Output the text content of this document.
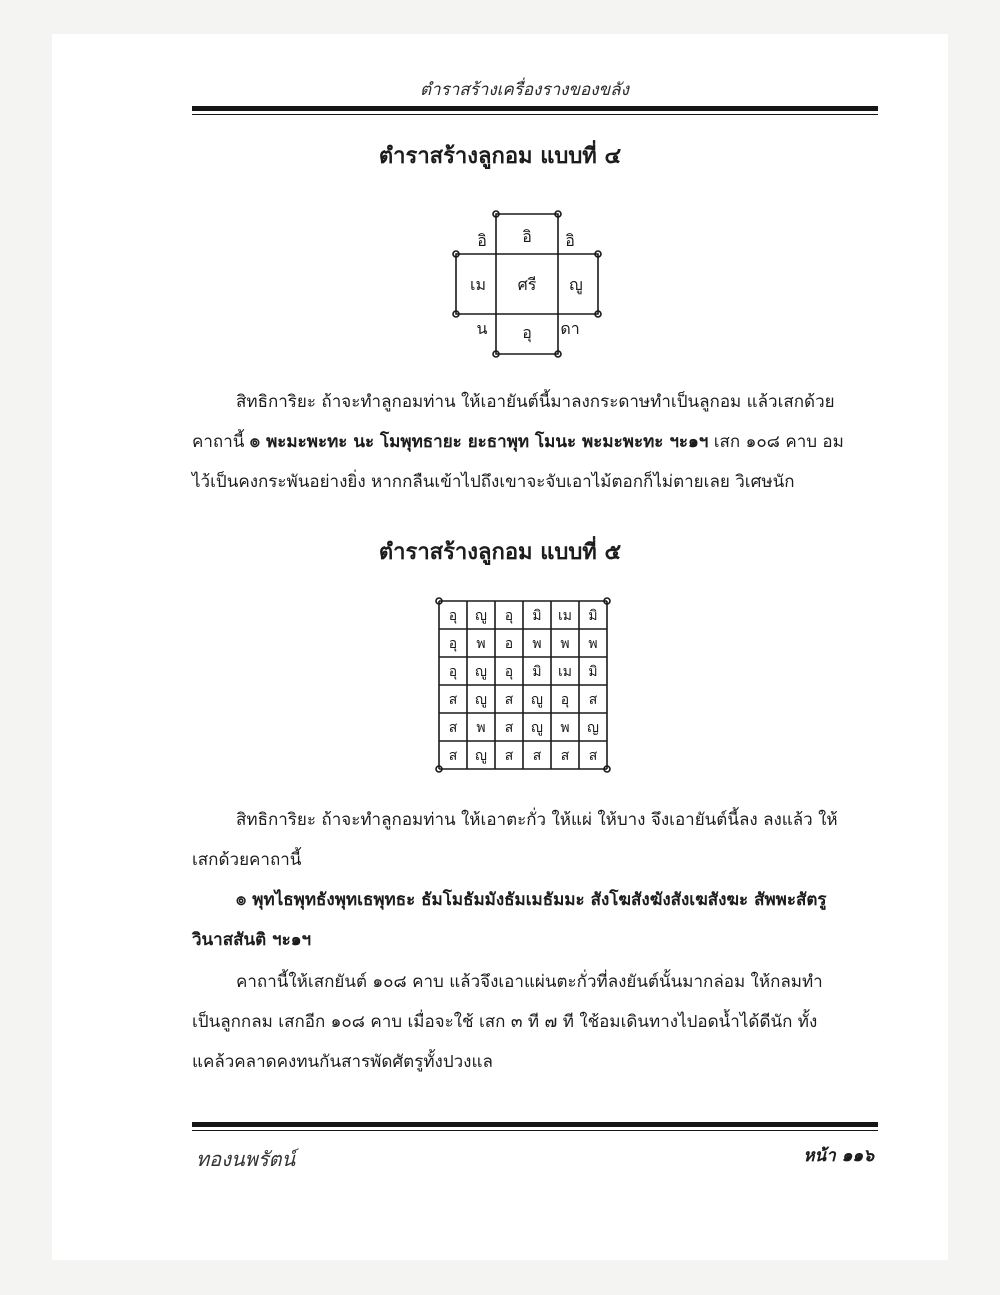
ตำราสร้างเครื่องรางของขลัง
ตำราสร้างลูกอม แบบที่ ๔
อิ อิ อิ
เม ศรี ญู
น อุ ดา
สิทธิการิยะ ถ้าจะทำลูกอมท่าน ให้เอายันต์นี้มาลงกระดาษทำเป็นลูกอม แล้วเสกด้วย
คาถานี้ ๏ พะมะพะทะ นะ โมพุทธายะ ยะธาพุท โมนะ พะมะพะทะ ฯะ๑ฯ เสก ๑๐๘ คาบ อม
ไว้เป็นคงกระพันอย่างยิ่ง หากกลืนเข้าไปถึงเขาจะจับเอาไม้ตอกก็ไม่ตายเลย วิเศษนัก
ตำราสร้างลูกอม แบบที่ ๕
อุ ญู อุ มิ เม มิ
อุ พ อ พ พ พ
อุ ญู อุ มิ เม มิ
ส ญู ส ญู อุ ส
ส พ ส ญู พ ญ
ส ญู ส ส ส ส
สิทธิการิยะ ถ้าจะทำลูกอมท่าน ให้เอาตะกั่ว ให้แผ่ ให้บาง จึงเอายันต์นี้ลง ลงแล้ว ให้
เสกด้วยคาถานี้
๏ พุทไธพุทธังพุทเธพุทธะ ธัมโมธัมมังธัมเมธัมมะ สังโฆสังฆังสังเฆสังฆะ สัพพะสัตรู
วินาสสันติ ฯะ๑ฯ
คาถานี้ให้เสกยันต์ ๑๐๘ คาบ แล้วจึงเอาแผ่นตะกั่วที่ลงยันต์นั้นมากล่อม ให้กลมทำ
เป็นลูกกลม เสกอีก ๑๐๘ คาบ เมื่อจะใช้ เสก ๓ ที ๗ ที ใช้อมเดินทางไปอดน้ำได้ดีนัก ทั้ง
แคล้วคลาดคงทนกันสารพัดศัตรูทั้งปวงแล
ทองนพรัตน์	หน้า ๑๑๖
